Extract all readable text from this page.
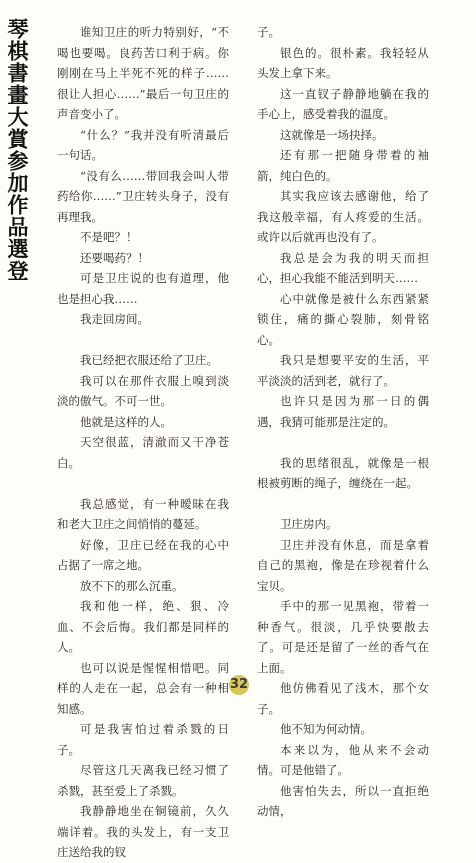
琴棋書畫大賞参加作品選登	谁知卫庄的听力特别好，“不喝也要喝。良药苦口利于病。你刚刚在马上半死不死的样子……很让人担心……”最后一句卫庄的声音变小了。

“什么？”我并没有听清最后一句话。

“没有么……带回我会叫人带药给你……”卫庄转头身子，没有再理我。

不是吧？！

还要喝药？！

可是卫庄说的也有道理，他也是担心我……

我走回房间。

我已经把衣服还给了卫庄。

我可以在那件衣服上嗅到淡淡的傲气。不可一世。

他就是这样的人。

天空很蓝，清澈而又干净苍白。

我总感觉，有一种暧昧在我和老大卫庄之间悄悄的蔓延。

好像，卫庄已经在我的心中占据了一席之地。

放不下的那么沉重。

我和他一样，绝、狠、冷血、不会后悔。我们都是同样的人。

也可以说是惺惺相惜吧。同样的人走在一起，总会有一种相知感。

可是我害怕过着杀戮的日子。

尽管这几天离我已经习惯了杀戮，甚至爱上了杀戮。

我静静地坐在铜镜前，久久端详着。我的头发上，有一支卫庄送给我的钗

子。

银色的。很朴素。我轻轻从头发上拿下来。

这一直钗子静静地躺在我的手心上，感受着我的温度。

这就像是一场抉择。

还有那一把随身带着的袖箭，纯白色的。

其实我应该去感谢他，给了我这般幸福，有人疼爱的生活。或许以后就再也没有了。

我总是会为我的明天而担心，担心我能不能活到明天……

心中就像是被什么东西紧紧锁住，痛的撕心裂肺，刻骨铭心。

我只是想要平安的生活，平平淡淡的活到老，就行了。

也许只是因为那一日的偶遇，我猜可能那是注定的。

我的思绪很乱，就像是一根根被剪断的绳子，缠绕在一起。

卫庄房内。

卫庄并没有休息，而是拿着自己的黑袍，像是在珍视着什么宝贝。

手中的那一见黑袍，带着一种香气。很淡，几乎快要散去了。可是还是留了一丝的香气在上面。

他仿佛看见了浅木，那个女子。

他不知为何动情。

本来以为，他从来不会动情。可是他错了。

他害怕失去，所以一直拒绝动情，

32
